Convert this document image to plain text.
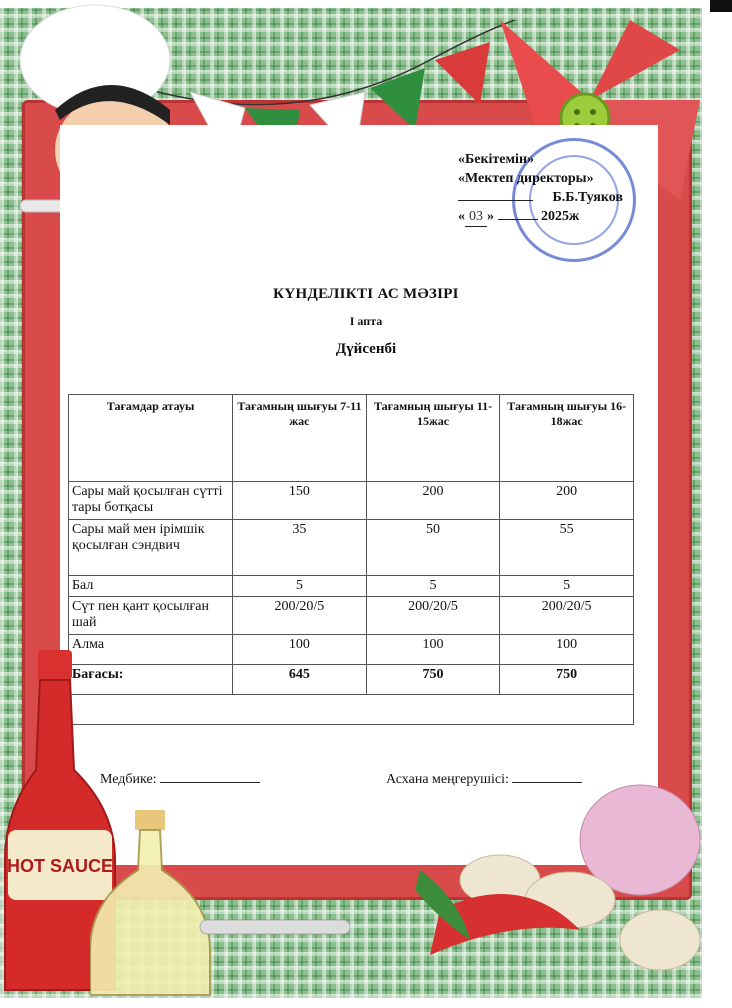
«Бекітемін»
«Мектеп директоры»
Б.Б.Туяков
« 03 »	2025ж
КҮНДЕЛІКТІ АС МӘЗІРІ
І апта
Дүйсенбі
Тағамдар атауы	Тағамның шығуы 7-11 жас	Тағамның шығуы 11-15жас	Тағамның шығуы 16-18жас
Сары май қосылған сүтті тары ботқасы	150	200	200
Сары май мен ірімшік қосылған сэндвич	35	50	55
Бал	5	5	5
Сүт пен қант қосылған шай	200/20/5	200/20/5	200/20/5
Алма	100	100	100
Бағасы:	645	750	750

Медбике:	Асхана меңгерушісі:
HOT SAUCE
